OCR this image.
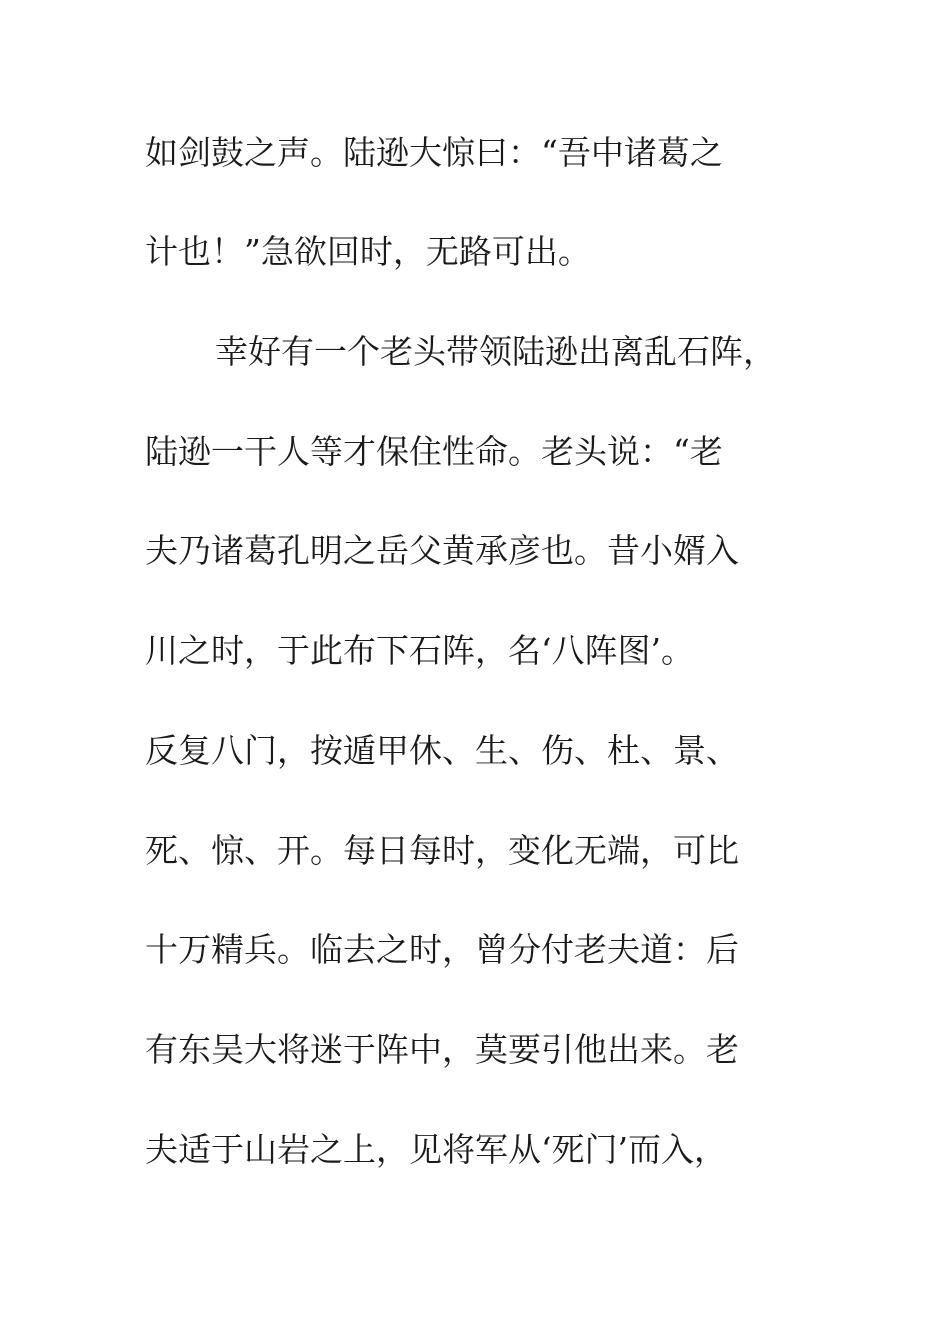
如剑鼓之声。陆逊大惊曰：“吾中诸葛之
计也！”急欲回时，无路可出。
幸好有一个老头带领陆逊出离乱石阵，
陆逊一干人等才保住性命。老头说：“老
夫乃诸葛孔明之岳父黄承彦也。昔小婿入
川之时，于此布下石阵，名‘八阵图’。
反复八门，按遁甲休、生、伤、杜、景、
死、惊、开。每日每时，变化无端，可比
十万精兵。临去之时，曾分付老夫道：后
有东吴大将迷于阵中，莫要引他出来。老
夫适于山岩之上，见将军从‘死门’而入，
